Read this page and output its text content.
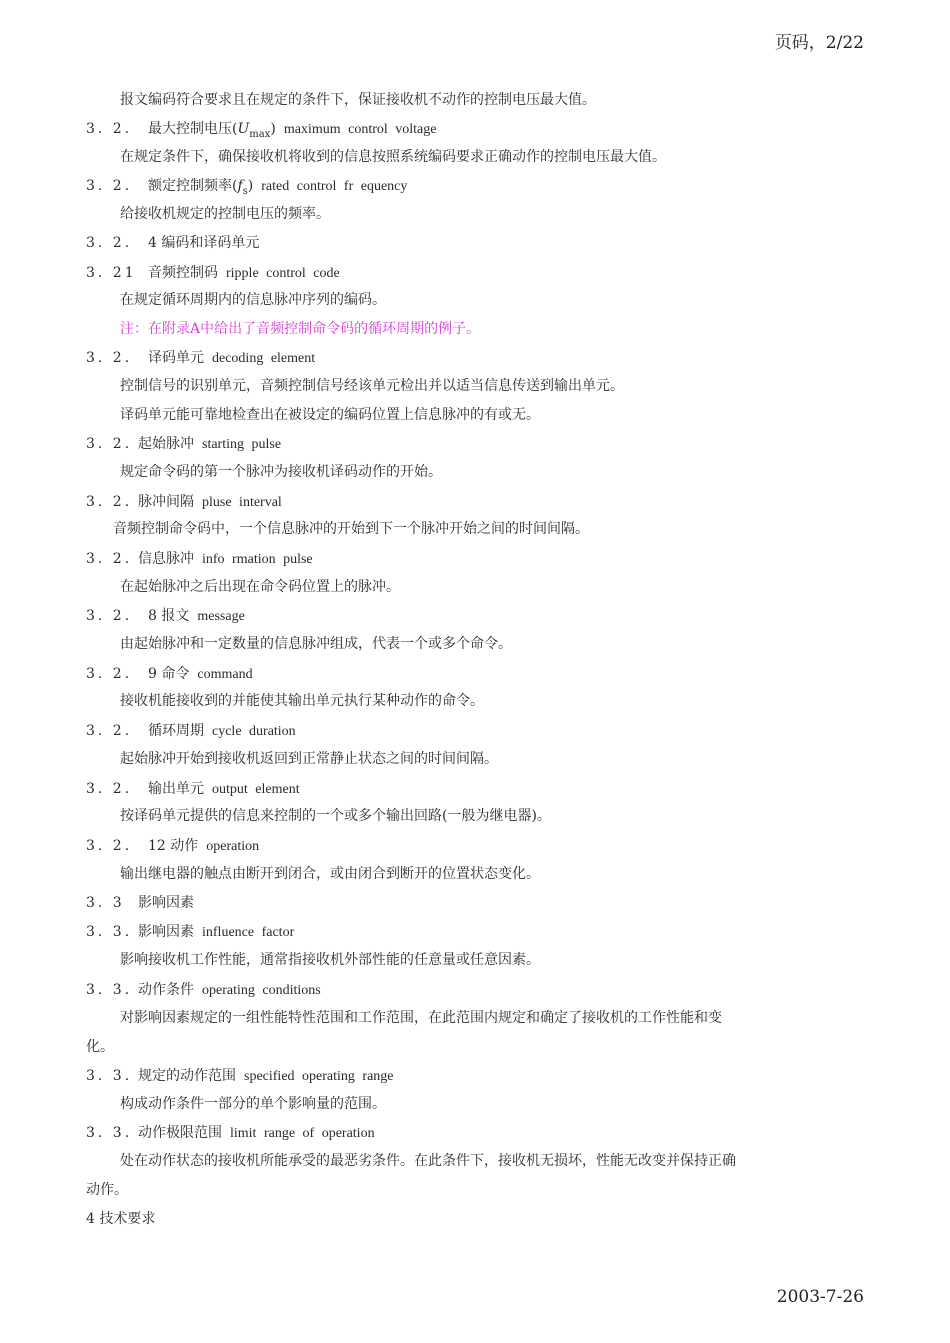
页码，2/22
报文编码符合要求且在规定的条件下，保证接收机不动作的控制电压最大值。
3. 2. 最大控制电压$(U_{max})$ maximum control voltage
在规定条件下，确保接收机将收到的信息按照系统编码要求正确动作的控制电压最大值。
3. 2. 额定控制频率$(f_s)$ rated control fr equency
给接收机规定的控制电压的频率。
3. 2. 4 编码和译码单元
3. 21 音频控制码 ripple control code
在规定循环周期内的信息脉冲序列的编码。
注：在附录A中给出了音频控制命令码的循环周期的例子。
3. 2. 译码单元 decoding element
控制信号的识别单元，音频控制信号经该单元检出并以适当信息传送到输出单元。
译码单元能可靠地检查出在被设定的编码位置上信息脉冲的有或无。
3. 2. 起始脉冲 starting pulse
规定命令码的第一个脉冲为接收机译码动作的开始。
3. 2. 脉冲间隔 pluse interval
音频控制命令码中，一个信息脉冲的开始到下一个脉冲开始之间的时间间隔。
3. 2. 信息脉冲 info rmation pulse
在起始脉冲之后出现在命令码位置上的脉冲。
3. 2. 8 报文 message
由起始脉冲和一定数量的信息脉冲组成，代表一个或多个命令。
3. 2. 9 命令 command
接收机能接收到的并能使其输出单元执行某种动作的命令。
3. 2. 循环周期 cycle duration
起始脉冲开始到接收机返回到正常静止状态之间的时间间隔。
3. 2. 输出单元 output element
按译码单元提供的信息来控制的一个或多个输出回路(一般为继电器)。
3. 2. 12 动作 operation
输出继电器的触点由断开到闭合，或由闭合到断开的位置状态变化。
3. 3 影响因素
3. 3. 影响因素 influence factor
影响接收机工作性能，通常指接收机外部性能的任意量或任意因素。
3. 3. 动作条件 operating conditions
对影响因素规定的一组性能特性范围和工作范围，在此范围内规定和确定了接收机的工作性能和变
化。
3. 3. 规定的动作范围 specified operating range
构成动作条件一部分的单个影响量的范围。
3. 3. 动作极限范围 limit range of operation
处在动作状态的接收机所能承受的最恶劣条件。在此条件下，接收机无损坏，性能无改变并保持正确
动作。
4 技术要求
2003-7-26
